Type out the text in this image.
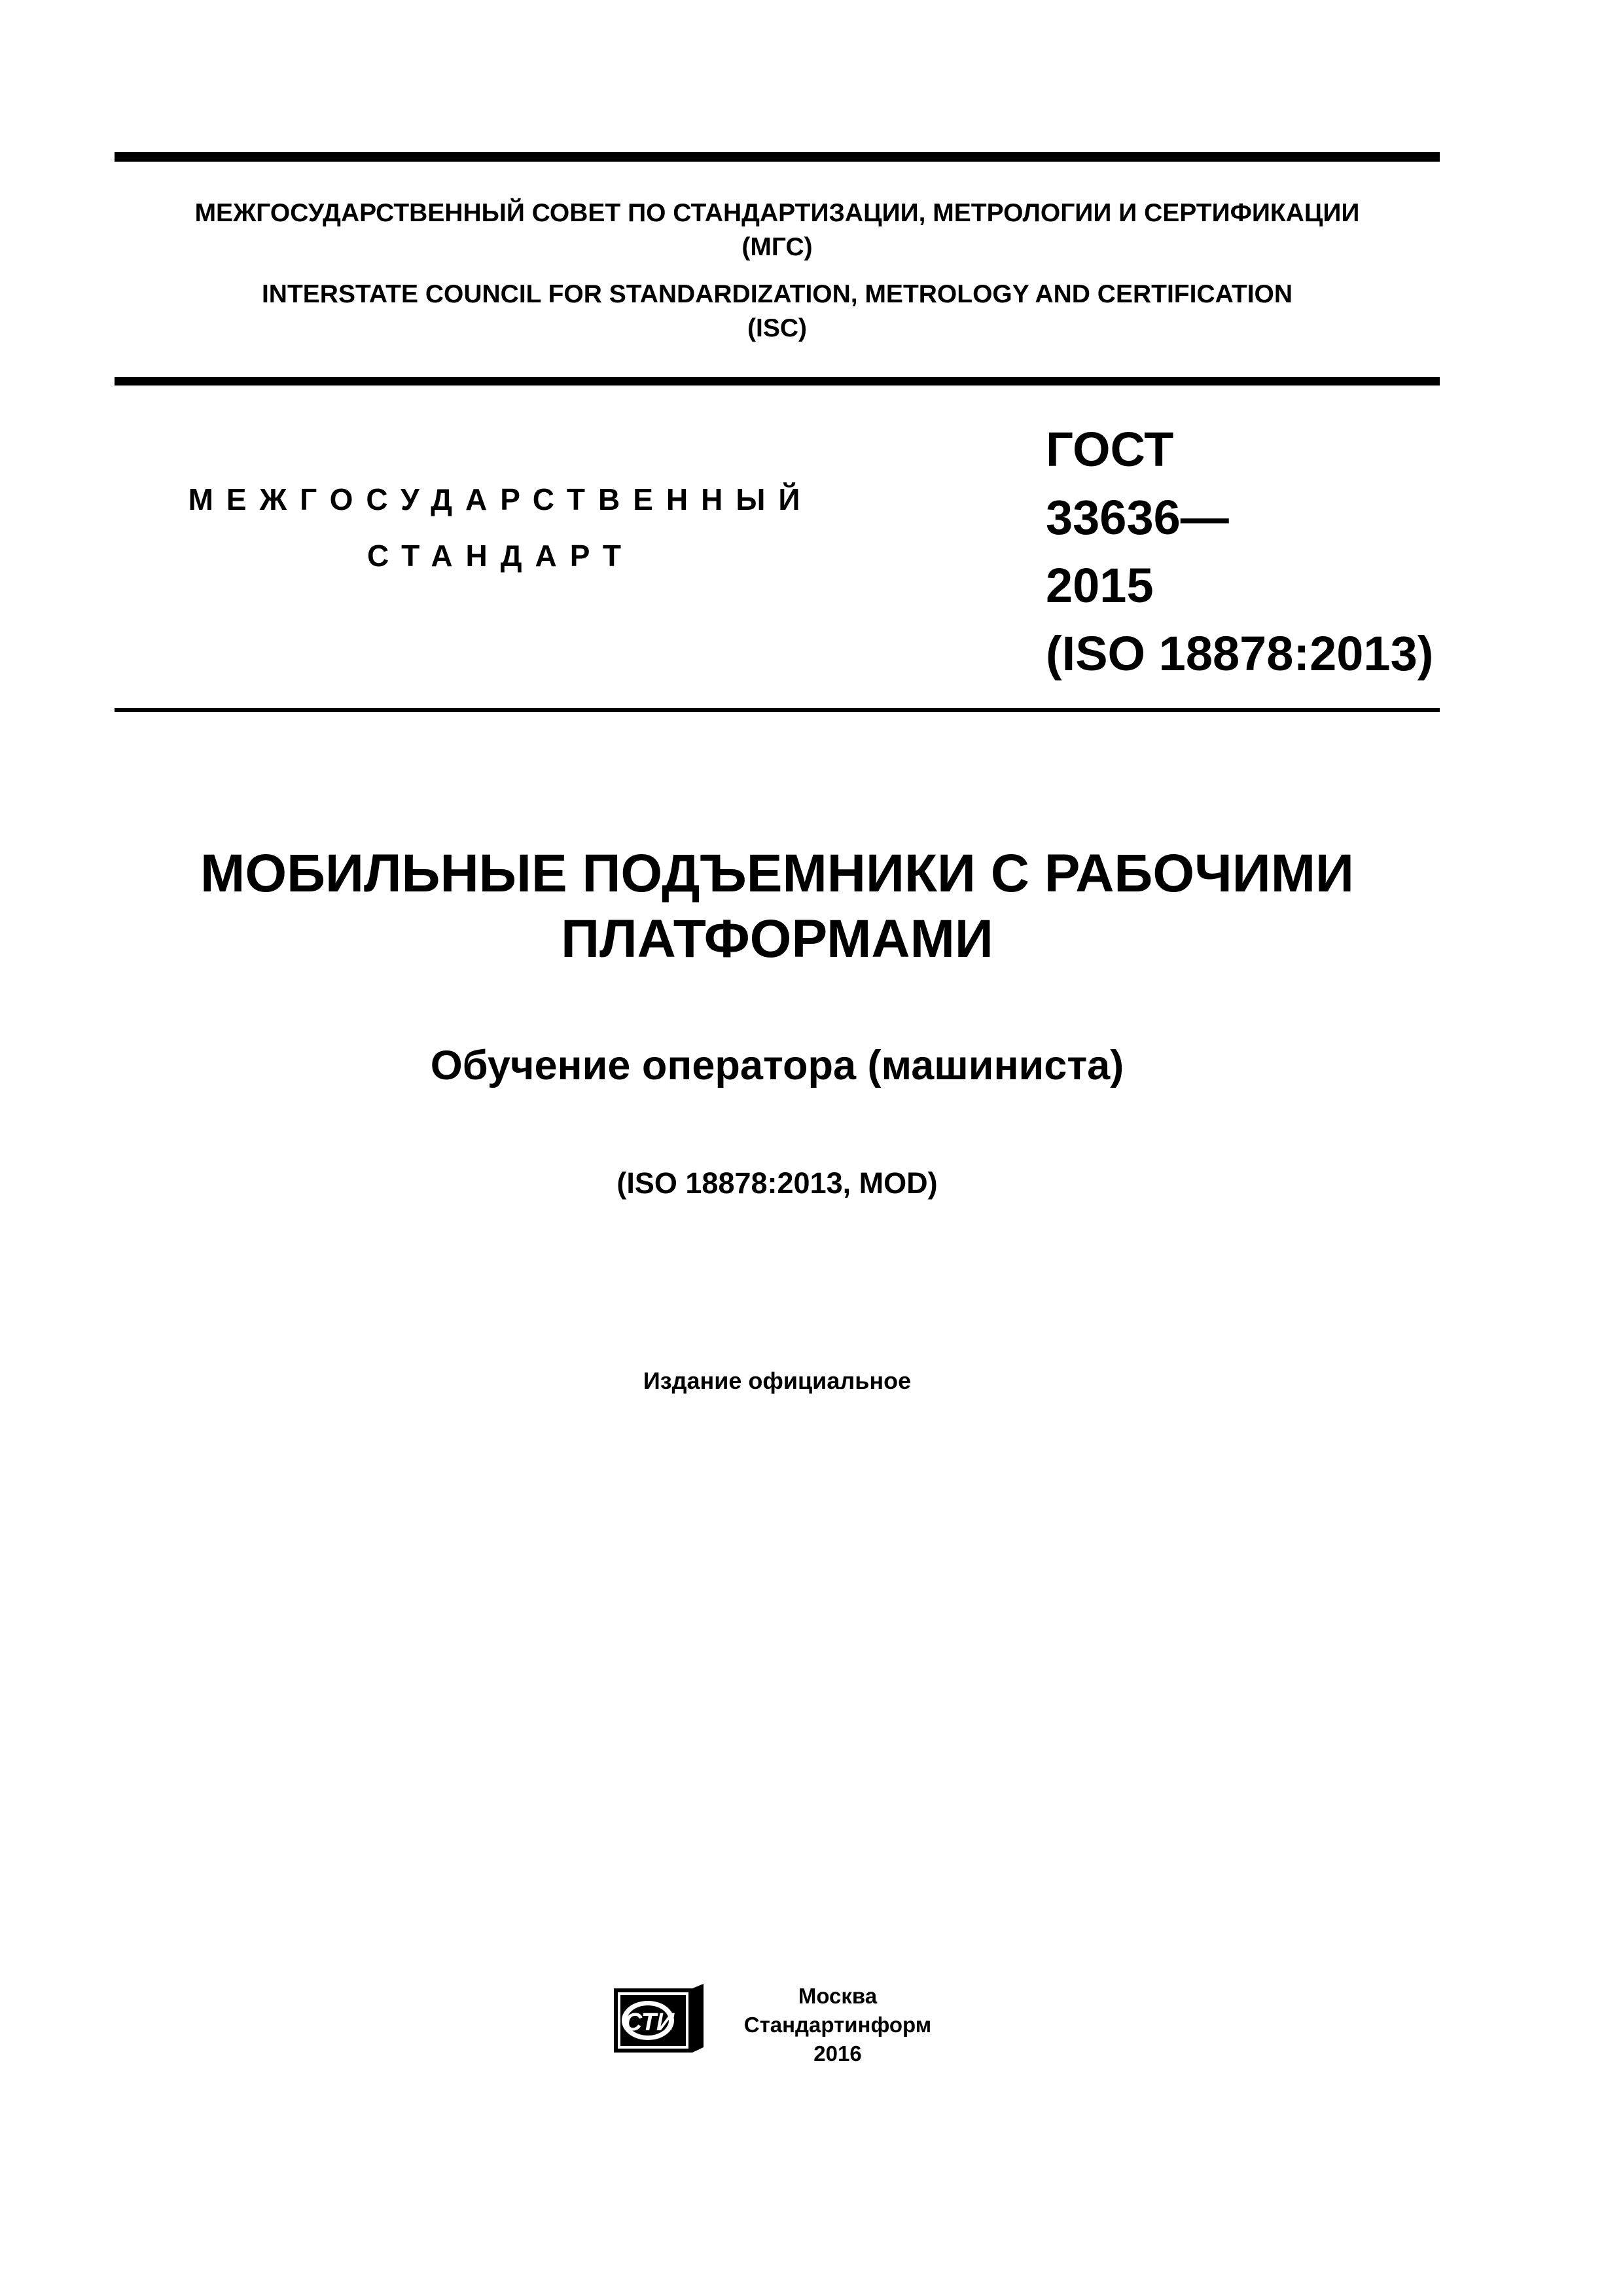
МЕЖГОСУДАРСТВЕННЫЙ СОВЕТ ПО СТАНДАРТИЗАЦИИ, МЕТРОЛОГИИ И СЕРТИФИКАЦИИ
(МГС)
INTERSTATE COUNCIL FOR STANDARDIZATION, METROLOGY AND CERTIFICATION
(ISC)
МЕЖГОСУДАРСТВЕННЫЙ
СТАНДАРТ
ГОСТ
33636—
2015
(ISO 18878:2013)
МОБИЛЬНЫЕ ПОДЪЕМНИКИ С РАБОЧИМИ
ПЛАТФОРМАМИ
Обучение оператора (машиниста)
(ISO 18878:2013, MOD)
Издание официальное
СТИ
Москва
Стандартинформ
2016
